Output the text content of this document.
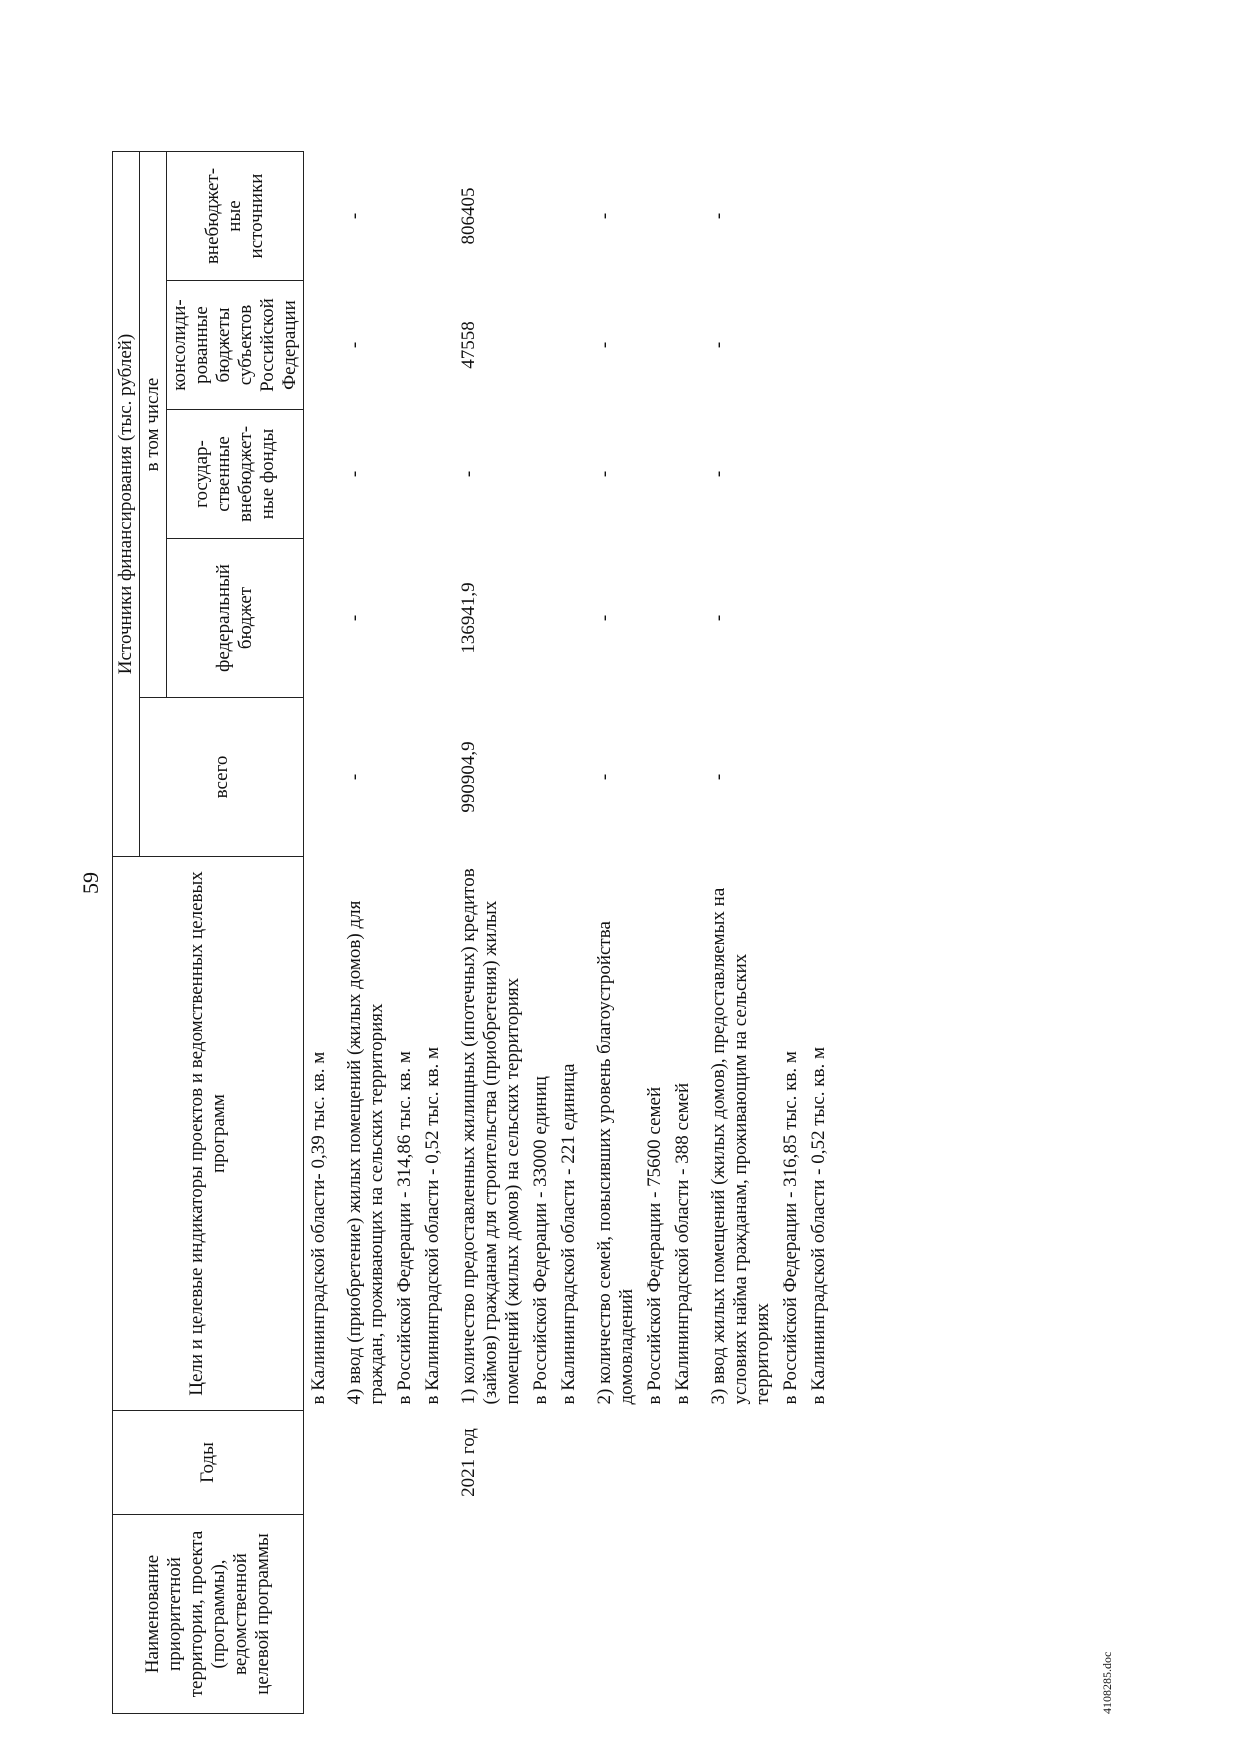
59
Наименование приоритетной территории, проекта (программы), ведомственной целевой программы	Годы	Цели и целевые индикаторы проектов и ведомственных целевых программ	Источники финансирования (тыс. рублей)				
			всего	в том числе			
				федеральный бюджет	государ-ственные внебюджет-ные фонды	консолиди-рованные бюджеты субъектов Российской Федерации	внебюджет-ные источники

		в Калининградской области- 0,39 тыс. кв. м					

		4) ввод (приобретение) жилых помещений (жилых домов) для граждан, проживающих на сельских территориях в Российской Федерации - 314,86 тыс. кв. м в Калининградской области - 0,52 тыс. кв. м	-	-	-	-	-
	2021 год	1) количество предоставленных жилищных (ипотечных) кредитов (займов) гражданам для строительства (приобретения) жилых помещений (жилых домов) на сельских территориях в Российской Федерации - 33000 единиц в Калининградской области - 221 единица	990904,9	136941,9	-	47558	806405

		2) количество семей, повысивших уровень благоустройства домовладений в Российской Федерации - 75600 семей в Калининградской области - 388 семей	-	-	-	-	-

		3) ввод жилых помещений (жилых домов), предоставляемых на условиях найма гражданам, проживающим на сельских территориях в Российской Федерации - 316,85 тыс. кв. м в Калининградской области - 0,52 тыс. кв. м	-	-	-	-	-
4108285.doc
